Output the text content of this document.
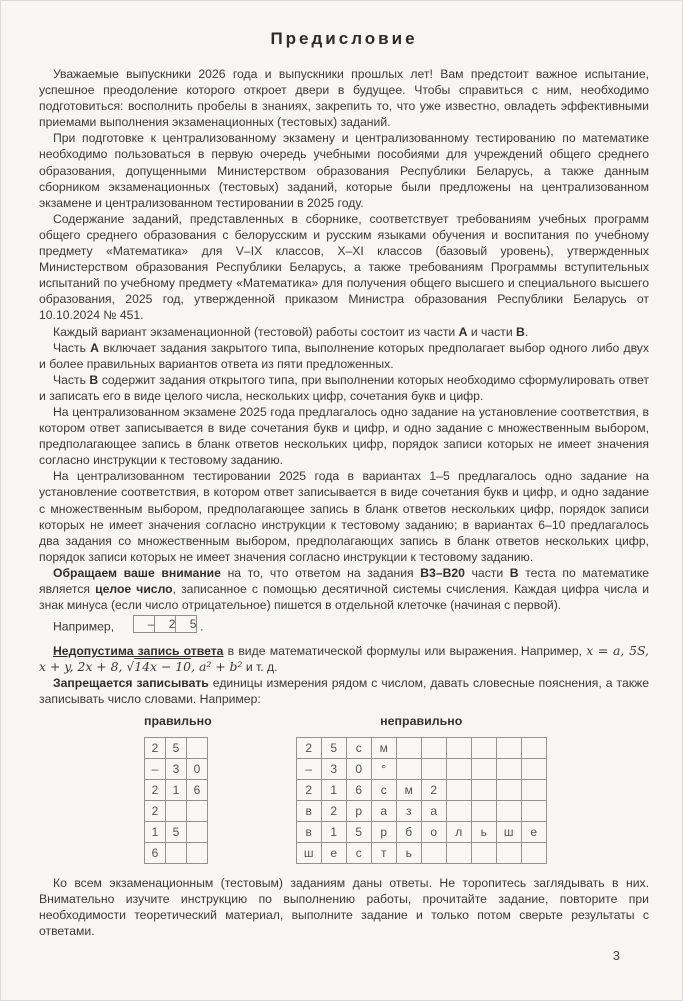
Предисловие

Уважаемые выпускники 2026 года и выпускники прошлых лет! Вам предстоит важное испытание, успешное преодоление которого откроет двери в будущее. Чтобы справиться с ним, необходимо подготовиться: восполнить пробелы в знаниях, закрепить то, что уже известно, овладеть эффективными приемами выполнения экзаменационных (тестовых) заданий.

При подготовке к централизованному экзамену и централизованному тестированию по математике необходимо пользоваться в первую очередь учебными пособиями для учреждений общего среднего образования, допущенными Министерством образования Республики Беларусь, а также данным сборником экзаменационных (тестовых) заданий, которые были предложены на централизованном экзамене и централизованном тестировании в 2025 году.

Содержание заданий, представленных в сборнике, соответствует требованиям учебных программ общего среднего образования с белорусским и русским языками обучения и воспитания по учебному предмету «Математика» для V–IX классов, X–XI классов (базовый уровень), утвержденных Министерством образования Республики Беларусь, а также требованиям Программы вступительных испытаний по учебному предмету «Математика» для получения общего высшего и специального высшего образования, 2025 год, утвержденной приказом Министра образования Республики Беларусь от 10.10.2024 № 451.

Каждый вариант экзаменационной (тестовой) работы состоит из части А и части В.

Часть А включает задания закрытого типа, выполнение которых предполагает выбор одного либо двух и более правильных вариантов ответа из пяти предложенных.

Часть В содержит задания открытого типа, при выполнении которых необходимо сформулировать ответ и записать его в виде целого числа, нескольких цифр, сочетания букв и цифр.

На централизованном экзамене 2025 года предлагалось одно задание на установление соответствия, в котором ответ записывается в виде сочетания букв и цифр, и одно задание с множественным выбором, предполагающее запись в бланк ответов нескольких цифр, порядок записи которых не имеет значения согласно инструкции к тестовому заданию.

На централизованном тестировании 2025 года в вариантах 1–5 предлагалось одно задание на установление соответствия, в котором ответ записывается в виде сочетания букв и цифр, и одно задание с множественным выбором, предполагающее запись в бланк ответов нескольких цифр, порядок записи которых не имеет значения согласно инструкции к тестовому заданию; в вариантах 6–10 предлагалось два задания со множественным выбором, предполагающих запись в бланк ответов нескольких цифр, порядок записи которых не имеет значения согласно инструкции к тестовому заданию.

Обращаем ваше внимание на то, что ответом на задания В3–В20 части В теста по математике является целое число, записанное с помощью десятичной системы счисления. Каждая цифра числа и знак минуса (если число отрицательное) пишется в отдельной клеточке (начиная с первой).

Например,	– 2 5 .

Недопустима запись ответа в виде математической формулы или выражения. Например, x = a, 5S, x + y, 2x + 8, √14x − 10, a² + b² и т. д.

Запрещается записывать единицы измерения рядом с числом, давать словесные пояснения, а также записывать число словами. Например:

правильно
2	5	
–	3	0
2	1	6
2		
1	5	
6		
неправильно
2	5	с	м						
–	3	0	°						
2	1	6	с	м	2				
в	2	р	а	з	а				
в	1	5	р	б	о	л	ь	ш	е
ш	е	с	т	ь					

Ко всем экзаменационным (тестовым) заданиям даны ответы. Не торопитесь заглядывать в них. Внимательно изучите инструкцию по выполнению работы, прочитайте задание, повторите при необходимости теоретический материал, выполните задание и только потом сверьте результаты с ответами.

3
